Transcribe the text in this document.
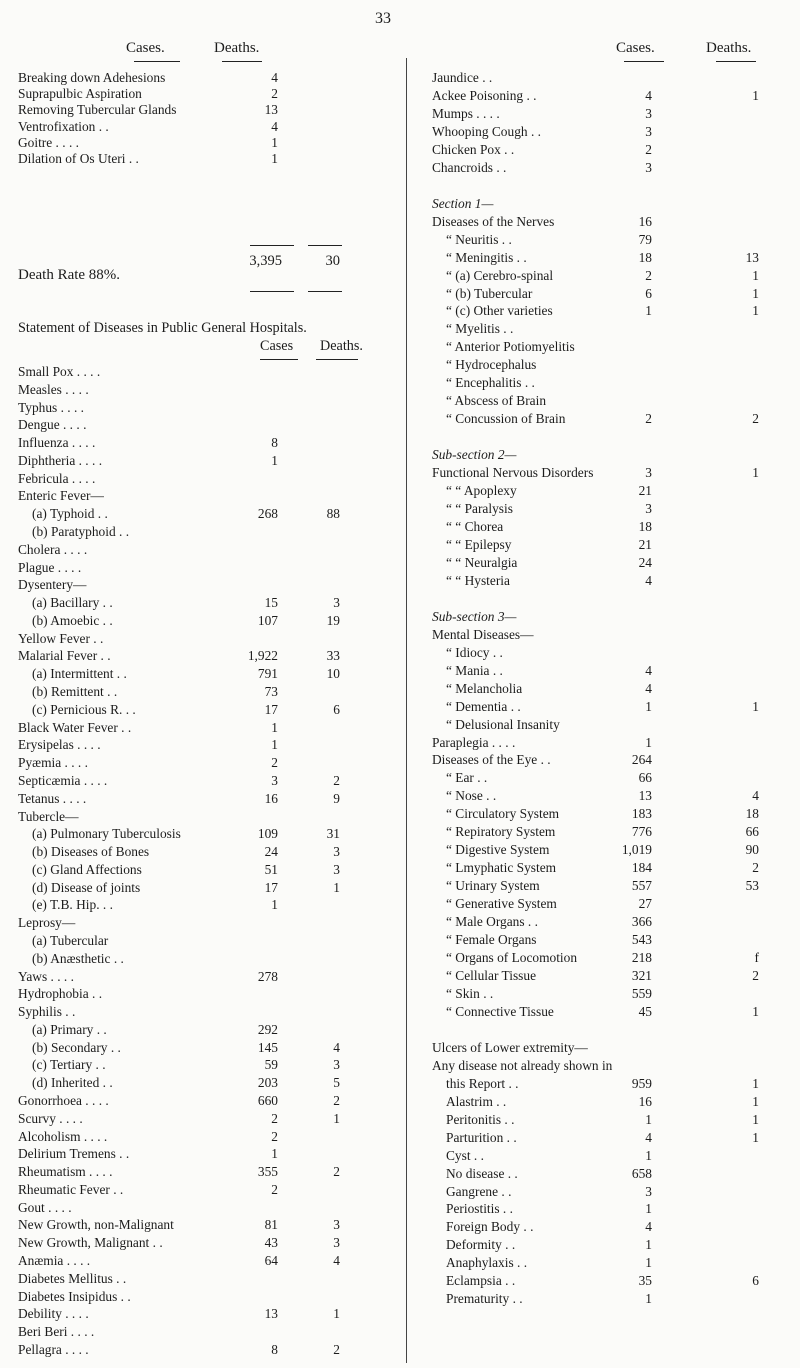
33
Cases.	Deaths.
Breaking down Adehesions	4
Suprapulbic Aspiration	2
Removing Tubercular Glands	13
Ventrofixation . .	4
Goitre . . . .	1
Dilation of Os Uteri . .	1
3,395	30
Death Rate 88%.
Statement of Diseases in Public General Hospitals.
Cases Deaths.
Small Pox . . . .
Measles . . . .
Typhus . . . .
Dengue . . . .
Influenza . . . .	8
Diphtheria . . . .	1
Febricula . . . .
Enteric Fever—
(a) Typhoid . .	268	88
(b) Paratyphoid . .
Cholera . . . .
Plague . . . .
Dysentery—
(a) Bacillary . .	15	3
(b) Amoebic . .	107	19
Yellow Fever . .
Malarial Fever . .	1,922	33
(a) Intermittent . .	791	10
(b) Remittent . .	73
(c) Pernicious R. . .	17	6
Black Water Fever . .	1
Erysipelas . . . .	1
Pyæmia . . . .	2
Septicæmia . . . .	3	2
Tetanus . . . .	16	9
Tubercle—
(a) Pulmonary Tuberculosis	109	31
(b) Diseases of Bones	24	3
(c) Gland Affections	51	3
(d) Disease of joints	17	1
(e) T.B. Hip. . .	1
Leprosy—
(a) Tubercular
(b) Anæsthetic . .
Yaws . . . .	278
Hydrophobia . .
Syphilis . .
(a) Primary . .	292
(b) Secondary . .	145	4
(c) Tertiary . .	59	3
(d) Inherited . .	203	5
Gonorrhoea . . . .	660	2
Scurvy . . . .	2	1
Alcoholism . . . .	2
Delirium Tremens . .	1
Rheumatism . . . .	355	2
Rheumatic Fever . .	2
Gout . . . .
New Growth, non-Malignant	81	3
New Growth, Malignant . .	43	3
Anæmia . . . .	64	4
Diabetes Mellitus . .
Diabetes Insipidus . .
Debility . . . .	13	1
Beri Beri . . . .
Pellagra . . . .	8	2
Cases.	Deaths.
Jaundice . .
Ackee Poisoning . .	4	1
Mumps . . . .	3
Whooping Cough . .	3
Chicken Pox . .	2
Chancroids . .	3
Section 1—
Diseases of the Nerves	16
“ Neuritis . .	79
“ Meningitis . .	18	13
“ (a) Cerebro-spinal	2	1
“ (b) Tubercular	6	1
“ (c) Other varieties	1	1
“ Myelitis . .
“ Anterior Potiomyelitis
“ Hydrocephalus
“ Encephalitis . .
“ Abscess of Brain
“ Concussion of Brain	2	2
Sub-section 2—
Functional Nervous Disorders	3	1
“ “ Apoplexy	21
“ “ Paralysis	3
“ “ Chorea	18
“ “ Epilepsy	21
“ “ Neuralgia	24
“ “ Hysteria	4
Sub-section 3—
Mental Diseases—
“ Idiocy . .
“ Mania . .	4
“ Melancholia	4
“ Dementia . .	1	1
“ Delusional Insanity
Paraplegia . . . .	1
Diseases of the Eye . .	264
“ Ear . .	66
“ Nose . .	13	4
“ Circulatory System	183	18
“ Repiratory System	776	66
“ Digestive System	1,019	90
“ Lmyphatic System	184	2
“ Urinary System	557	53
“ Generative System	27
“ Male Organs . .	366
“ Female Organs	543
“ Organs of Locomotion	218	f
“ Cellular Tissue	321	2
“ Skin . .	559
“ Connective Tissue	45	1
Ulcers of Lower extremity—
Any disease not already shown in
this Report . .	959	1
Alastrim . .	16	1
Peritonitis . .	1	1
Parturition . .	4	1
Cyst . .	1
No disease . .	658
Gangrene . .	3
Periostitis . .	1
Foreign Body . .	4
Deformity . .	1
Anaphylaxis . .	1
Eclampsia . .	35	6
Prematurity . .	1
